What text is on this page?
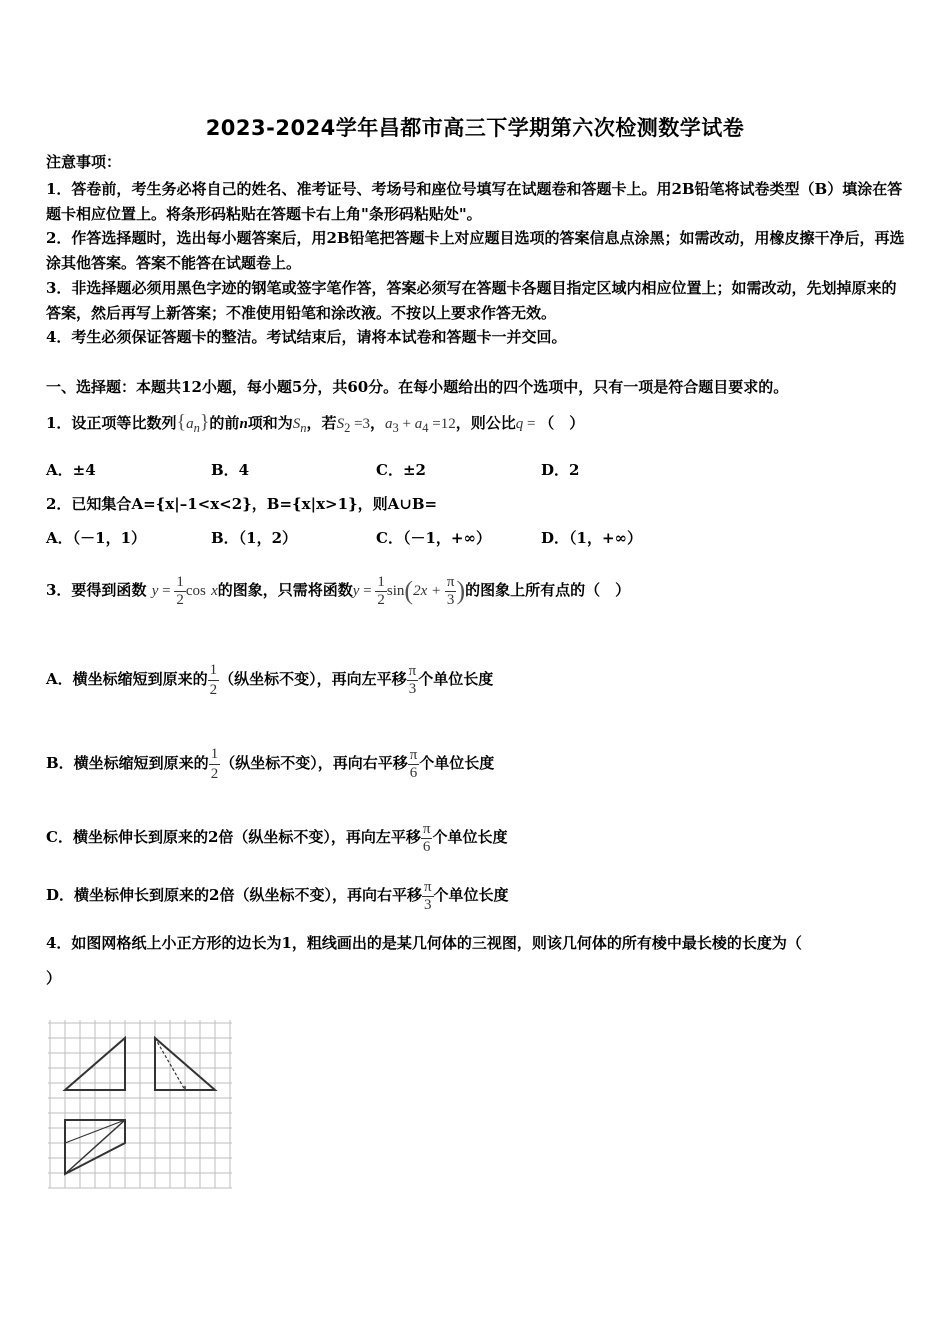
2023-2024学年昌都市高三下学期第六次检测数学试卷
注意事项：
1．答卷前，考生务必将自己的姓名、准考证号、考场号和座位号填写在试题卷和答题卡上。用2B铅笔将试卷类型（B）填涂在答题卡相应位置上。将条形码粘贴在答题卡右上角"条形码粘贴处"。
2．作答选择题时，选出每小题答案后，用2B铅笔把答题卡上对应题目选项的答案信息点涂黑；如需改动，用橡皮擦干净后，再选涂其他答案。答案不能答在试题卷上。
3．非选择题必须用黑色字迹的钢笔或签字笔作答，答案必须写在答题卡各题目指定区域内相应位置上；如需改动，先划掉原来的答案，然后再写上新答案；不准使用铅笔和涂改液。不按以上要求作答无效。
4．考生必须保证答题卡的整洁。考试结束后，请将本试卷和答题卡一并交回。
一、选择题：本题共12小题，每小题5分，共60分。在每小题给出的四个选项中，只有一项是符合题目要求的。
1．设正项等比数列$\{a_n\}$的前n项和为$S_n$，若$S_2 =3$，$a_3 + a_4 =12$，则公比q = （　）
A．±4	B．4	C．±2	D．2
2．已知集合A={x|–1<x<2}，B={x|x>1}，则A∪B=
A．（－1，1）	B．（1，2）	C．（－1，+∞）	D．（1，+∞）
3．要得到函数 $y = \frac{1}{2}$ cos x的图象，只需将函数$y = \frac{1}{2} \sin(2x + \frac{\pi}{3}$ )的图象上所有点的（　）
A．横坐标缩短到原来的 $\frac{1}{2}$ （纵坐标不变），再向左平移 $\frac{\pi}{3}$ 个单位长度
B．横坐标缩短到原来的 $\frac{1}{2}$ （纵坐标不变），再向右平移 $\frac{\pi}{6}$ 个单位长度
C．横坐标伸长到原来的2倍（纵坐标不变），再向左平移 $\frac{\pi}{6}$ 个单位长度
D．横坐标伸长到原来的2倍（纵坐标不变），再向右平移 $\frac{\pi}{3}$ 个单位长度
4．如图网格纸上小正方形的边长为1，粗线画出的是某几何体的三视图，则该几何体的所有棱中最长棱的长度为（
）
